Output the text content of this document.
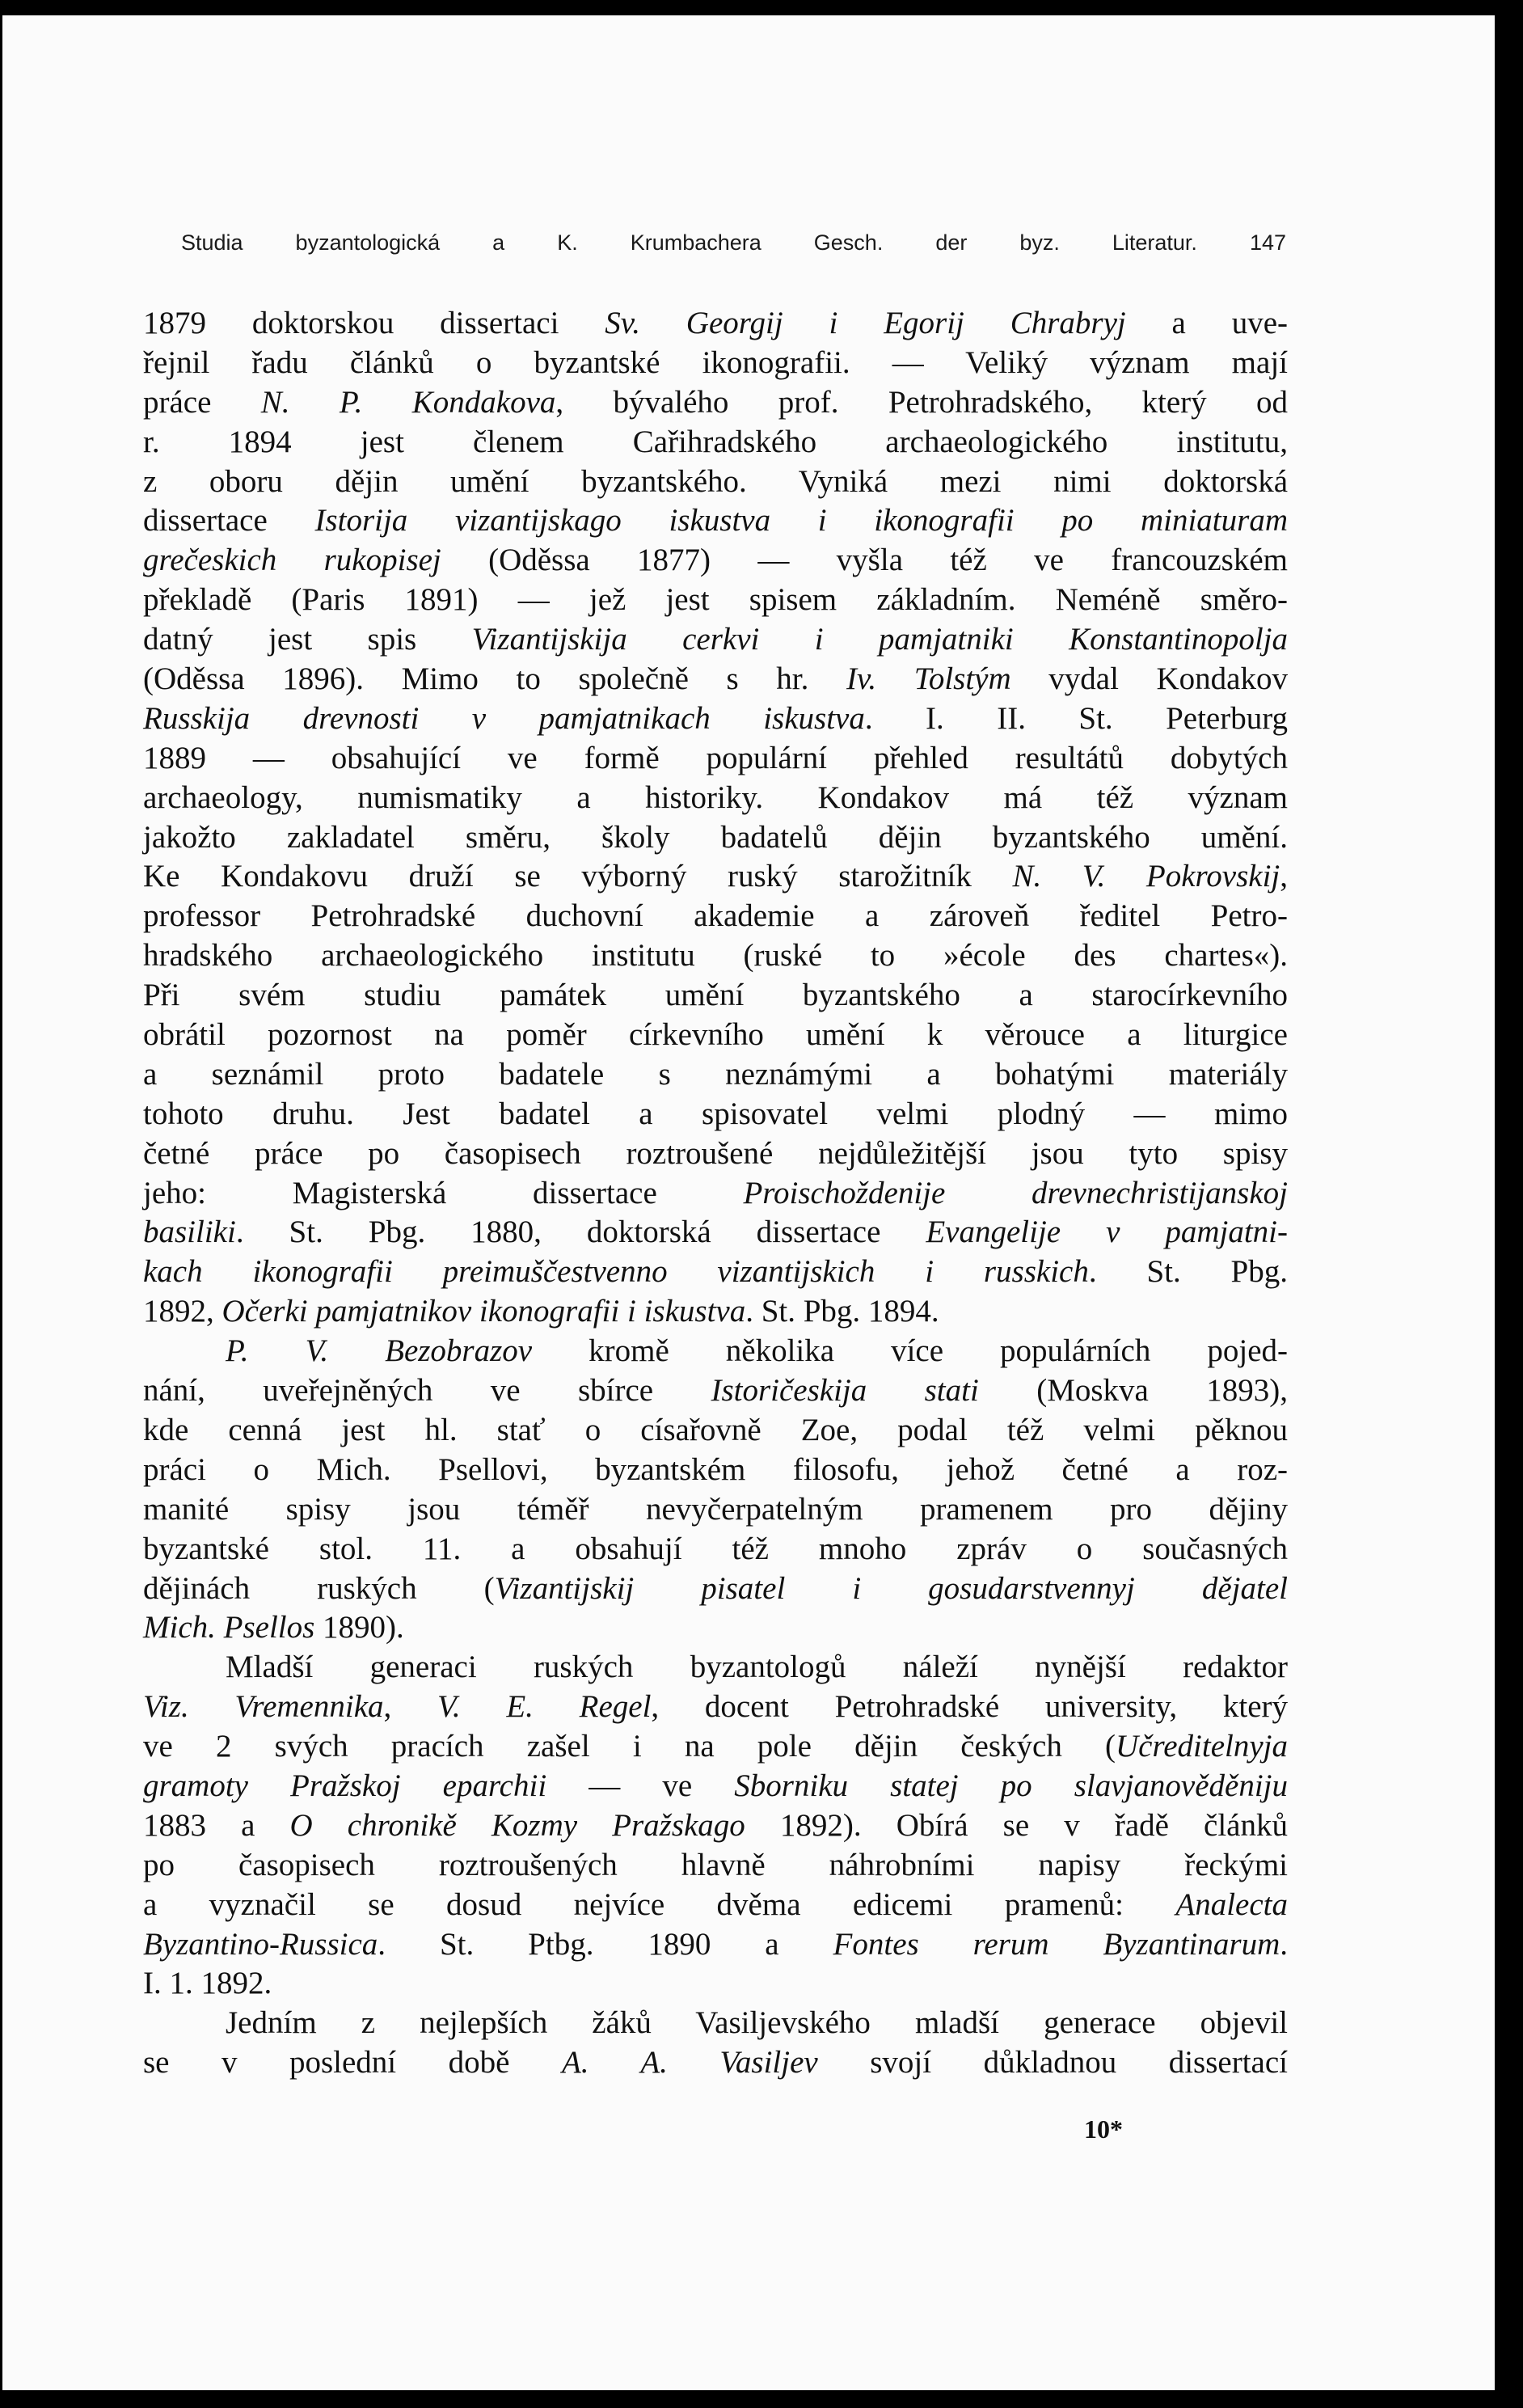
Studia byzantologická a K. Krumbachera Gesch. der byz. Literatur. 147
1879 doktorskou dissertaci Sv. Georgij i Egorij Chrabryj a uve-
řejnil řadu článků o byzantské ikonografii. — Veliký význam mají
práce N. P. Kondakova, bývalého prof. Petrohradského, který od
r. 1894 jest členem Cařihradského archaeologického institutu,
z oboru dějin umění byzantského. Vyniká mezi nimi doktorská
dissertace Istorija vizantijskago iskustva i ikonografii po miniaturam
grečeskich rukopisej (Oděssa 1877) — vyšla též ve francouzském
překladě (Paris 1891) — jež jest spisem základním. Neméně směro-
datný jest spis Vizantijskija cerkvi i pamjatniki Konstantinopolja
(Oděssa 1896). Mimo to společně s hr. Iv. Tolstým vydal Kondakov
Russkija drevnosti v pamjatnikach iskustva. I. II. St. Peterburg
1889 — obsahující ve formě populární přehled resultátů dobytých
archaeology, numismatiky a historiky. Kondakov má též význam
jakožto zakladatel směru, školy badatelů dějin byzantského umění.
Ke Kondakovu druží se výborný ruský starožitník N. V. Pokrovskij,
professor Petrohradské duchovní akademie a zároveň ředitel Petro-
hradského archaeologického institutu (ruské to »école des chartes«).
Při svém studiu památek umění byzantského a starocírkevního
obrátil pozornost na poměr církevního umění k věrouce a liturgice
a seznámil proto badatele s neznámými a bohatými materiály
tohoto druhu. Jest badatel a spisovatel velmi plodný — mimo
četné práce po časopisech roztroušené nejdůležitější jsou tyto spisy
jeho: Magisterská dissertace Proischoždenije drevnechristijanskoj
basiliki. St. Pbg. 1880, doktorská dissertace Evangelije v pamjatni-
kach ikonografii preimuščestvenno vizantijskich i russkich. St. Pbg.
1892, Očerki pamjatnikov ikonografii i iskustva. St. Pbg. 1894.
P. V. Bezobrazov kromě několika více populárních pojed-
nání, uveřejněných ve sbírce Istoričeskija stati (Moskva 1893),
kde cenná jest hl. stať o císařovně Zoe, podal též velmi pěknou
práci o Mich. Psellovi, byzantském filosofu, jehož četné a roz-
manité spisy jsou téměř nevyčerpatelným pramenem pro dějiny
byzantské stol. 11. a obsahují též mnoho zpráv o současných
dějinách ruských (Vizantijskij pisatel i gosudarstvennyj dějatel
Mich. Psellos 1890).
Mladší generaci ruských byzantologů náleží nynější redaktor
Viz. Vremennika, V. E. Regel, docent Petrohradské university, který
ve 2 svých pracích zašel i na pole dějin českých (Učreditelnyja
gramoty Pražskoj eparchii — ve Sborniku statej po slavjanověděniju
1883 a O chronikě Kozmy Pražskago 1892). Obírá se v řadě článků
po časopisech roztroušených hlavně náhrobními napisy řeckými
a vyznačil se dosud nejvíce dvěma edicemi pramenů: Analecta
Byzantino-Russica. St. Ptbg. 1890 a Fontes rerum Byzantinarum.
I. 1. 1892.
Jedním z nejlepších žáků Vasiljevského mladší generace objevil
se v poslední době A. A. Vasiljev svojí důkladnou dissertací
10*
